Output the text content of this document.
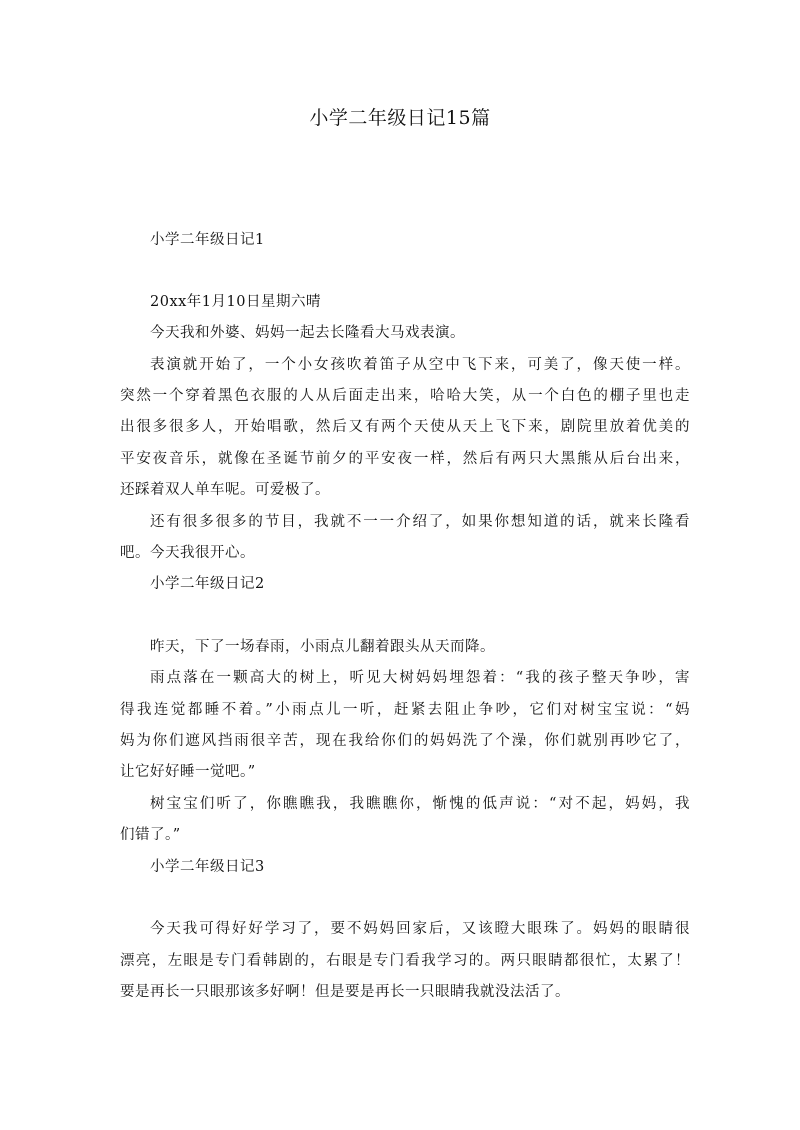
小学二年级日记15篇
小学二年级日记1
20xx年1月10日星期六晴
今天我和外婆、妈妈一起去长隆看大马戏表演。
表演就开始了，一个小女孩吹着笛子从空中飞下来，可美了，像天使一样。
突然一个穿着黑色衣服的人从后面走出来，哈哈大笑，从一个白色的棚子里也走
出很多很多人，开始唱歌，然后又有两个天使从天上飞下来，剧院里放着优美的
平安夜音乐，就像在圣诞节前夕的平安夜一样，然后有两只大黑熊从后台出来，
还踩着双人单车呢。可爱极了。
还有很多很多的节目，我就不一一介绍了，如果你想知道的话，就来长隆看
吧。今天我很开心。
小学二年级日记2
昨天，下了一场春雨，小雨点儿翻着跟头从天而降。
雨点落在一颗高大的树上，听见大树妈妈埋怨着：“我的孩子整天争吵，害
得我连觉都睡不着。”小雨点儿一听，赶紧去阻止争吵，它们对树宝宝说：“妈
妈为你们遮风挡雨很辛苦，现在我给你们的妈妈洗了个澡，你们就别再吵它了，
让它好好睡一觉吧。”
树宝宝们听了，你瞧瞧我，我瞧瞧你，惭愧的低声说：“对不起，妈妈，我
们错了。”
小学二年级日记3
今天我可得好好学习了，要不妈妈回家后，又该瞪大眼珠了。妈妈的眼睛很
漂亮，左眼是专门看韩剧的，右眼是专门看我学习的。两只眼睛都很忙，太累了！
要是再长一只眼那该多好啊！但是要是再长一只眼睛我就没法活了。
